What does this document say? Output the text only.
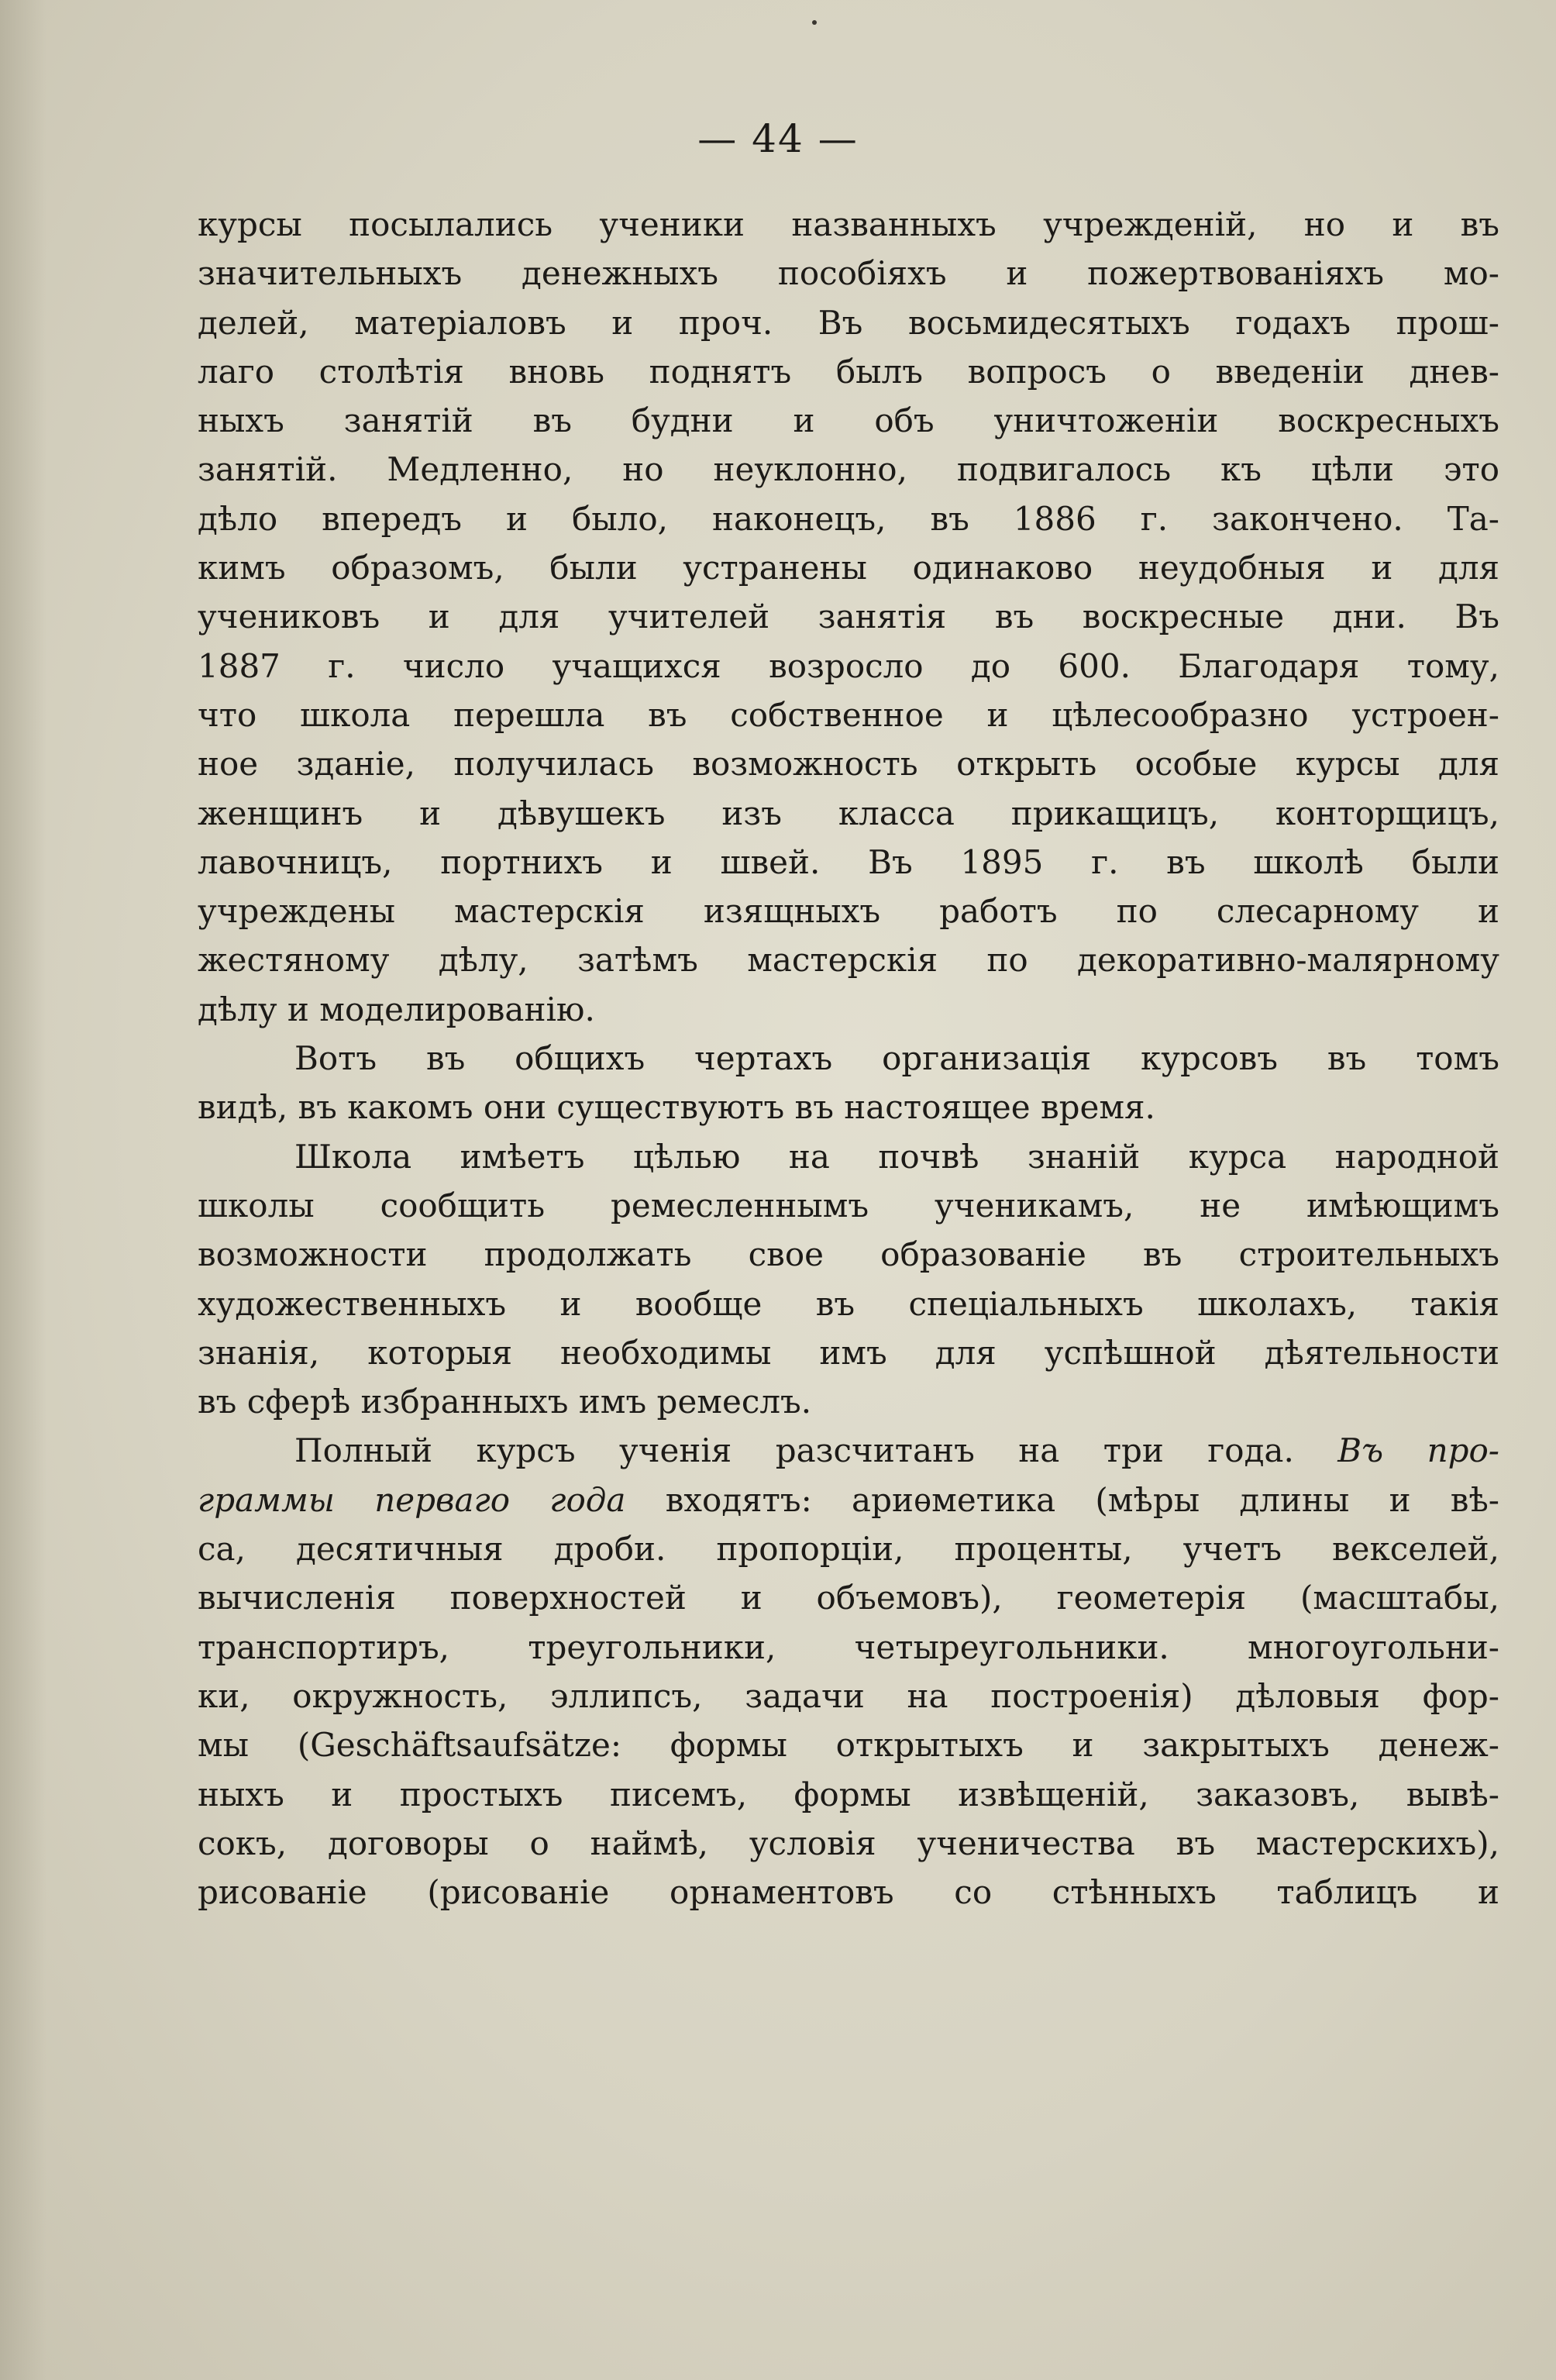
— 44 —
курсы посылались ученики названныхъ учрежденій, но и въ
значительныхъ денежныхъ пособіяхъ и пожертвованіяхъ мо-
делей, матеріаловъ и проч. Въ восьмидесятыхъ годахъ прош-
лаго столѣтія вновь поднятъ былъ вопросъ о введеніи днев-
ныхъ занятій въ будни и объ уничтоженіи воскресныхъ
занятій. Медленно, но неуклонно, подвигалось къ цѣли это
дѣло впередъ и было, наконецъ, въ 1886 г. закончено. Та-
кимъ образомъ, были устранены одинаково неудобныя и для
учениковъ и для учителей занятія въ воскресные дни. Въ
1887 г. число учащихся возросло до 600. Благодаря тому,
что школа перешла въ собственное и цѣлесообразно устроен-
ное зданіе, получилась возможность открыть особые курсы для
женщинъ и дѣвушекъ изъ класса прикащицъ, конторщицъ,
лавочницъ, портнихъ и швей. Въ 1895 г. въ школѣ были
учреждены мастерскія изящныхъ работъ по слесарному и
жестяному дѣлу, затѣмъ мастерскія по декоративно-малярному
дѣлу и моделированію.
Вотъ въ общихъ чертахъ организація курсовъ въ томъ
видѣ, въ какомъ они существуютъ въ настоящее время.
Школа имѣетъ цѣлью на почвѣ знаній курса народной
школы сообщить ремесленнымъ ученикамъ, не имѣющимъ
возможности продолжать свое образованіе въ строительныхъ
художественныхъ и вообще въ спеціальныхъ школахъ, такія
знанія, которыя необходимы имъ для успѣшной дѣятельности
въ сферѣ избранныхъ имъ ремеслъ.
Полный курсъ ученія разсчитанъ на три года. Въ про-
граммы перваго года входятъ: ариѳметика (мѣры длины и вѣ-
са, десятичныя дроби. пропорціи, проценты, учетъ векселей,
вычисленія поверхностей и объемовъ), геометерія (масштабы,
транспортиръ, треугольники, четыреугольники. многоугольни-
ки, окружность, эллипсъ, задачи на построенія) дѣловыя фор-
мы (Geschäftsaufsätze: формы открытыхъ и закрытыхъ денеж-
ныхъ и простыхъ писемъ, формы извѣщеній, заказовъ, вывѣ-
сокъ, договоры о наймѣ, условія ученичества въ мастерскихъ),
рисованіе (рисованіе орнаментовъ со стѣнныхъ таблицъ и
